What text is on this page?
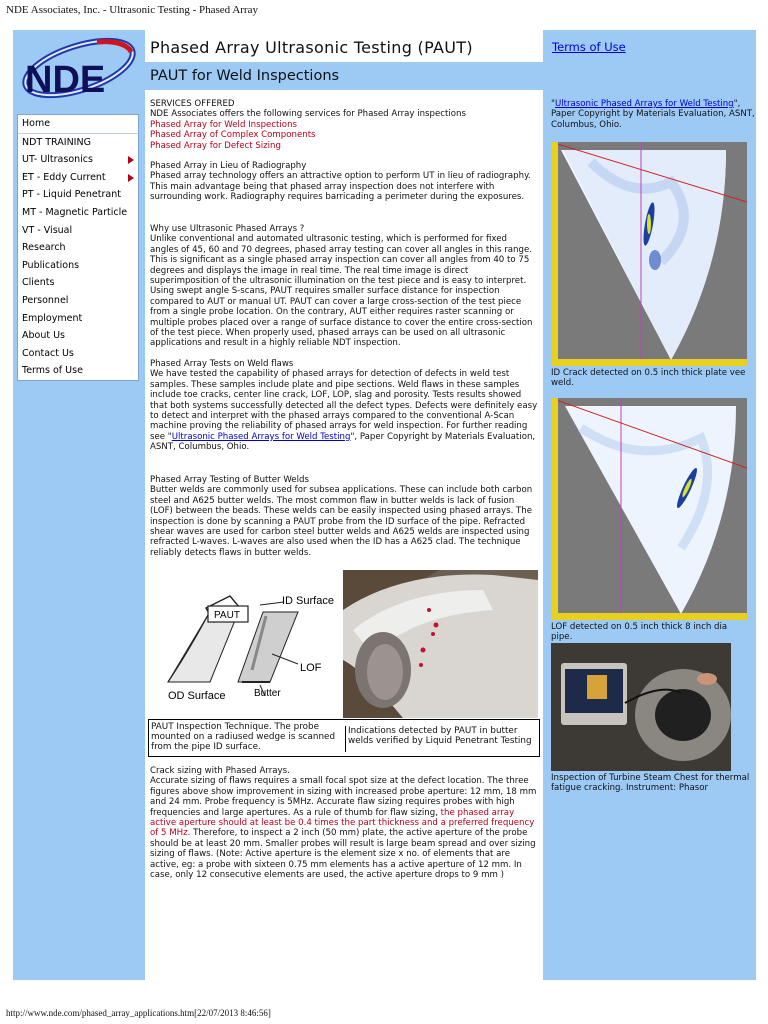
NDE Associates, Inc. - Ultrasonic Testing - Phased Array
NDE
Home
NDT TRAINING
UT- Ultrasonics
ET - Eddy Current
PT - Liquid Penetrant
MT - Magnetic Particle
VT - Visual
Research
Publications
Clients
Personnel
Employment
About Us
Contact Us
Terms of Use
Phased Array Ultrasonic Testing (PAUT)	Terms of Use
PAUT for Weld Inspections

SERVICES OFFERED

NDE Associates offers the following services for Phased Array inspections

Phased Array for Weld Inspections

Phased Array of Complex Components

Phased Array for Defect Sizing

Phased Array in Lieu of Radiography

Phased array technology offers an attractive option to perform UT in lieu of radiography. This main advantage being that phased array inspection does not interfere with surrounding work. Radiography requires barricading a perimeter during the exposures.

Why use Ultrasonic Phased Arrays ?

Unlike conventional and automated ultrasonic testing, which is performed for fixed angles of 45, 60 and 70 degrees, phased array testing can cover all angles in this range. This is significant as a single phased array inspection can cover all angles from 40 to 75 degrees and displays the image in real time. The real time image is direct superimposition of the ultrasonic illumination on the test piece and is easy to interpret. Using swept angle S-scans, PAUT requires smaller surface distance for inspection compared to AUT or manual UT. PAUT can cover a large cross-section of the test piece from a single probe location. On the contrary, AUT either requires raster scanning or multiple probes placed over a range of surface distance to cover the entire cross-section of the test piece. When properly used, phased arrays can be used on all ultrasonic applications and result in a highly reliable NDT inspection.

Phased Array Tests on Weld flaws

We have tested the capability of phased arrays for detection of defects in weld test samples. These samples include plate and pipe sections. Weld flaws in these samples include toe cracks, center line crack, LOF, LOP, slag and porosity. Tests results showed that both systems successfully detected all the defect types. Defects were definitely easy to detect and interpret with the phased arrays compared to the conventional A-Scan machine proving the reliability of phased arrays for weld inspection. For further reading see "Ultrasonic Phased Arrays for Weld Testing", Paper Copyright by Materials Evaluation, ASNT, Columbus, Ohio.

Phased Array Testing of Butter Welds

Butter welds are commonly used for subsea applications. These can include both carbon steel and A625 butter welds. The most common flaw in butter welds is lack of fusion (LOF) between the beads. These welds can be easily inspected using phased arrays. The inspection is done by scanning a PAUT probe from the ID surface of the pipe. Refracted shear waves are used for carbon steel butter welds and A625 welds are inspected using refracted L-waves. L-waves are also used when the ID has a A625 clad. The technique reliably detects flaws in butter welds.

PAUT
ID Surface
LOF
OD Surface	Butter
PAUT Inspection Technique. The probe mounted on a radiused wedge is scanned from the pipe ID surface.
Indications detected by PAUT in butter welds verified by Liquid Penetrant Testing

Crack sizing with Phased Arrays.

Accurate sizing of flaws requires a small focal spot size at the defect location. The three figures above show improvement in sizing with increased probe aperture: 12 mm, 18 mm and 24 mm. Probe frequency is 5MHz. Accurate flaw sizing requires probes with high frequencies and large apertures. As a rule of thumb for flaw sizing, the phased array active aperture should at least be 0.4 times the part thickness and a preferred frequency of 5 MHz. Therefore, to inspect a 2 inch (50 mm) plate, the active aperture of the probe should be at least 20 mm. Smaller probes will result is large beam spread and over sizing sizing of flaws. (Note: Active aperture is the element size x no. of elements that are active, eg: a probe with sixteen 0.75 mm elements has a active aperture of 12 mm. In case, only 12 consecutive elements are used, the active aperture drops to 9 mm )

"Ultrasonic Phased Arrays for Weld Testing", Paper Copyright by Materials Evaluation, ASNT, Columbus, Ohio.
ID Crack detected on 0.5 inch thick plate vee weld.
LOF detected on 0.5 inch thick 8 inch dia pipe.
Inspection of Turbine Steam Chest for thermal fatigue cracking. Instrument: Phasor
http://www.nde.com/phased_array_applications.htm[22/07/2013 8:46:56]
